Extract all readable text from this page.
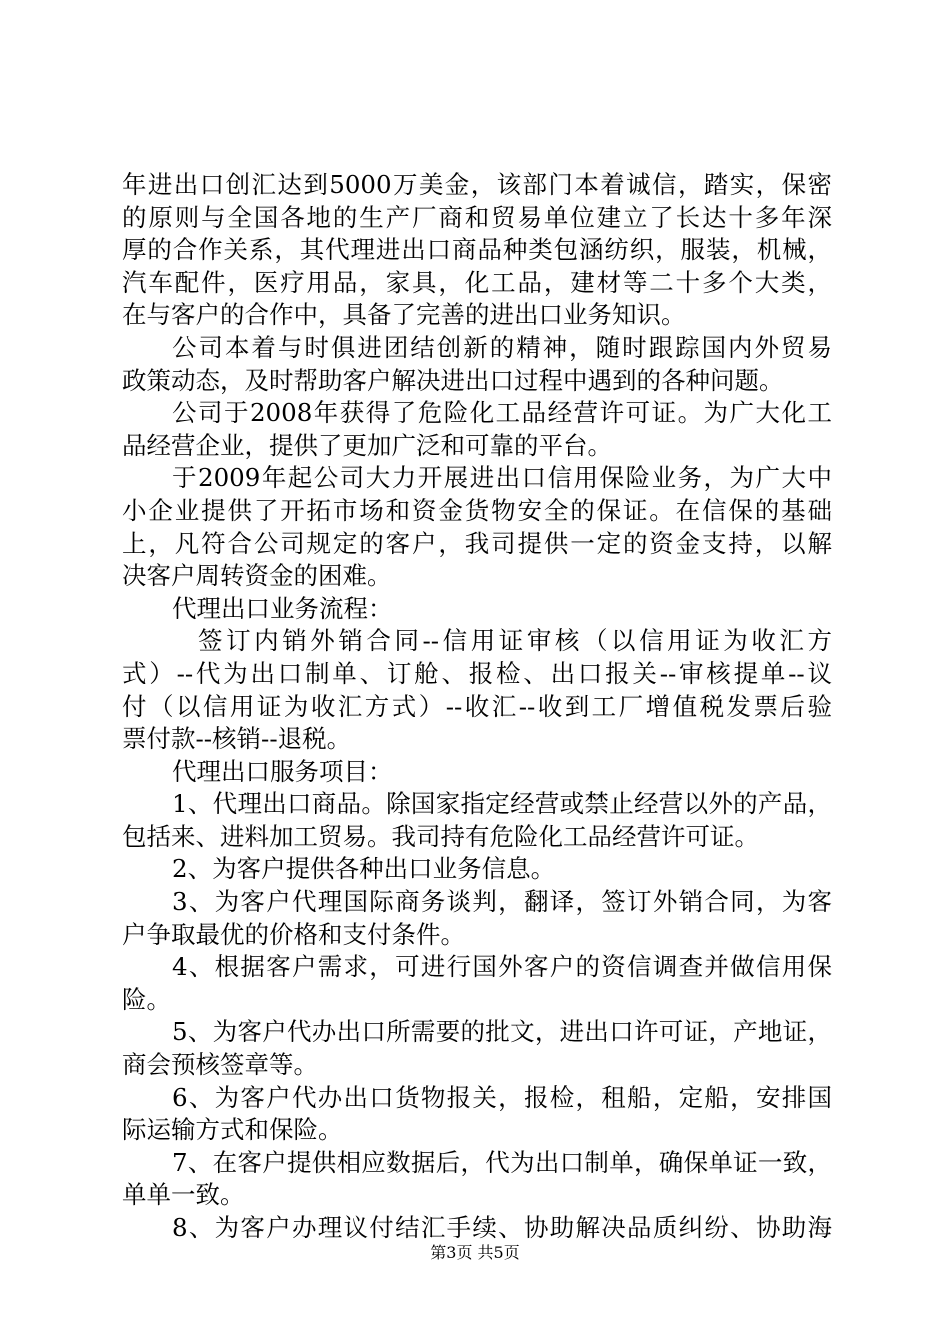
年进出口创汇达到5000万美金，该部门本着诚信，踏实，保密
的原则与全国各地的生产厂商和贸易单位建立了长达十多年深
厚的合作关系，其代理进出口商品种类包涵纺织，服装，机械，
汽车配件，医疗用品，家具，化工品，建材等二十多个大类，
在与客户的合作中，具备了完善的进出口业务知识。
公司本着与时俱进团结创新的精神，随时跟踪国内外贸易
政策动态，及时帮助客户解决进出口过程中遇到的各种问题。
公司于2008年获得了危险化工品经营许可证。为广大化工
品经营企业，提供了更加广泛和可靠的平台。
于2009年起公司大力开展进出口信用保险业务，为广大中
小企业提供了开拓市场和资金货物安全的保证。在信保的基础
上，凡符合公司规定的客户，我司提供一定的资金支持，以解
决客户周转资金的困难。
代理出口业务流程：
签订内销外销合同--信用证审核（以信用证为收汇方
式）--代为出口制单、订舱、报检、出口报关--审核提单--议
付（以信用证为收汇方式）--收汇--收到工厂增值税发票后验
票付款--核销--退税。
代理出口服务项目：
1、代理出口商品。除国家指定经营或禁止经营以外的产品，
包括来、进料加工贸易。我司持有危险化工品经营许可证。
2、为客户提供各种出口业务信息。
3、为客户代理国际商务谈判，翻译，签订外销合同，为客
户争取最优的价格和支付条件。
4、根据客户需求，可进行国外客户的资信调查并做信用保
险。
5、为客户代办出口所需要的批文，进出口许可证，产地证，
商会预核签章等。
6、为客户代办出口货物报关，报检，租船，定船，安排国
际运输方式和保险。
7、在客户提供相应数据后，代为出口制单，确保单证一致，
单单一致。
8、为客户办理议付结汇手续、协助解决品质纠纷、协助海
第3页 共5页
